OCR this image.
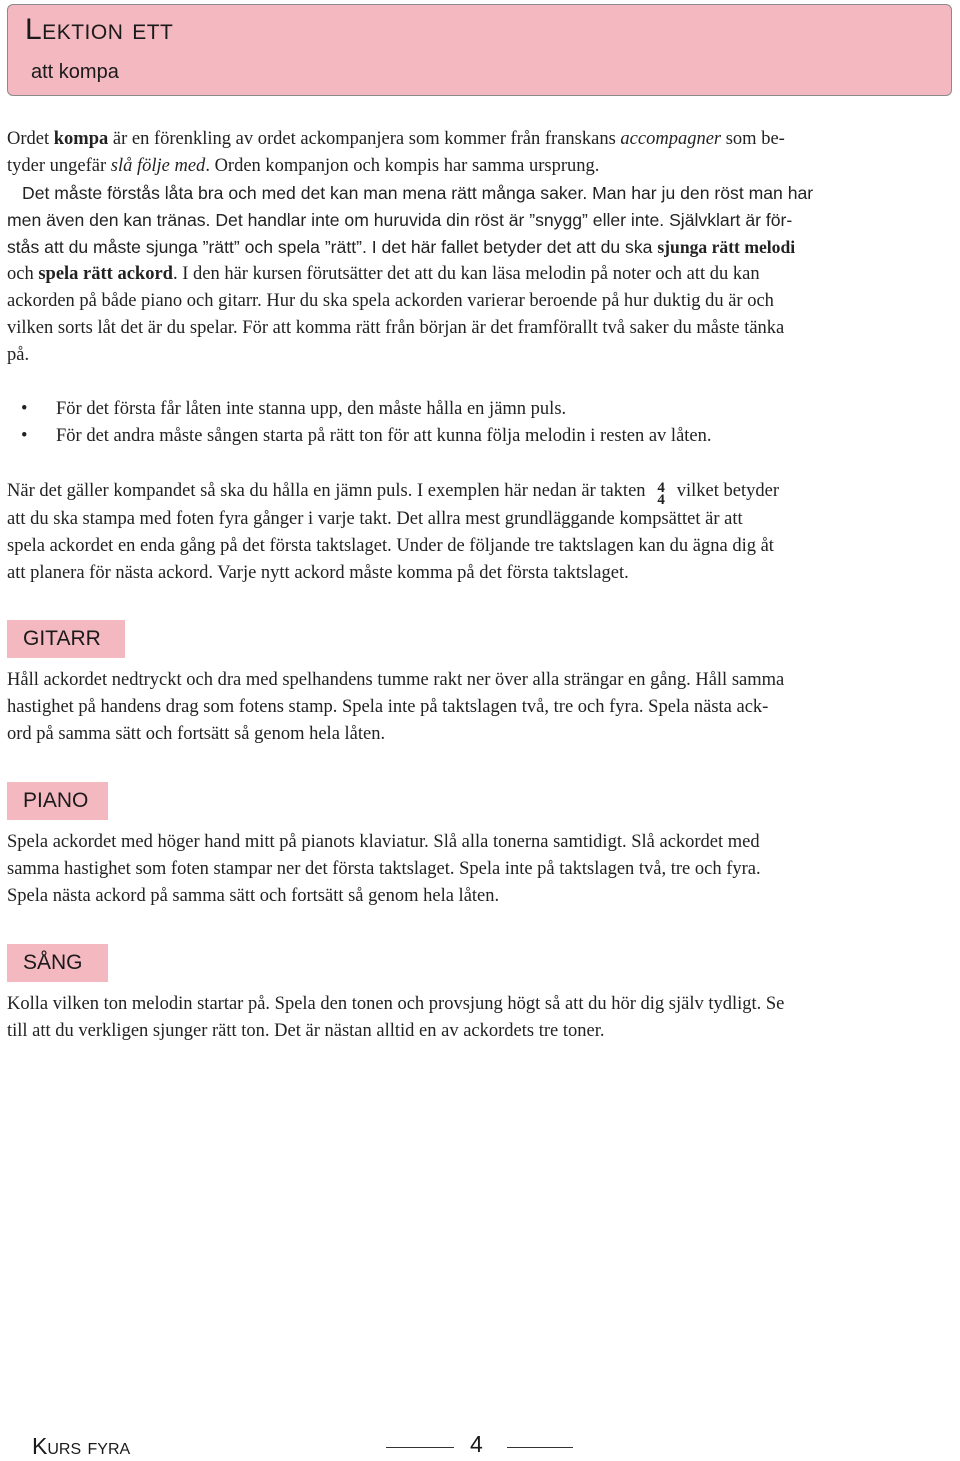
Lektion ett
att kompa
Ordet kompa är en förenkling av ordet ackompanjera som kommer från franskans accompagner som be-
tyder ungefär slå följe med. Orden kompanjon och kompis har samma ursprung.
Det måste förstås låta bra och med det kan man mena rätt många saker. Man har ju den röst man har
men även den kan tränas. Det handlar inte om huruvida din röst är ”snygg” eller inte. Självklart är för-
stås att du måste sjunga ”rätt” och spela ”rätt”. I det här fallet betyder det att du ska sjunga rätt melodi
och spela rätt ackord. I den här kursen förutsätter det att du kan läsa melodin på noter och att du kan
ackorden på både piano och gitarr. Hur du ska spela ackorden varierar beroende på hur duktig du är och
vilken sorts låt det är du spelar. För att komma rätt från början är det framförallt två saker du måste tänka
på.
• För det första får låten inte stanna upp, den måste hålla en jämn puls.
• För det andra måste sången starta på rätt ton för att kunna följa melodin i resten av låten.
När det gäller kompandet så ska du hålla en jämn puls. I exemplen här nedan är takten 4
4 vilket betyder
att du ska stampa med foten fyra gånger i varje takt. Det allra mest grundläggande kompsättet är att
spela ackordet en enda gång på det första taktslaget. Under de följande tre taktslagen kan du ägna dig åt
att planera för nästa ackord. Varje nytt ackord måste komma på det första taktslaget.
GITARR
Håll ackordet nedtryckt och dra med spelhandens tumme rakt ner över alla strängar en gång. Håll samma
hastighet på handens drag som fotens stamp. Spela inte på taktslagen två, tre och fyra. Spela nästa ack-
ord på samma sätt och fortsätt så genom hela låten.
PIANO
Spela ackordet med höger hand mitt på pianots klaviatur. Slå alla tonerna samtidigt. Slå ackordet med
samma hastighet som foten stampar ner det första taktslaget. Spela inte på taktslagen två, tre och fyra.
Spela nästa ackord på samma sätt och fortsätt så genom hela låten.
SÅNG
Kolla vilken ton melodin startar på. Spela den tonen och provsjung högt så att du hör dig själv tydligt. Se
till att du verkligen sjunger rätt ton. Det är nästan alltid en av ackordets tre toner.
Kurs fyra	4
